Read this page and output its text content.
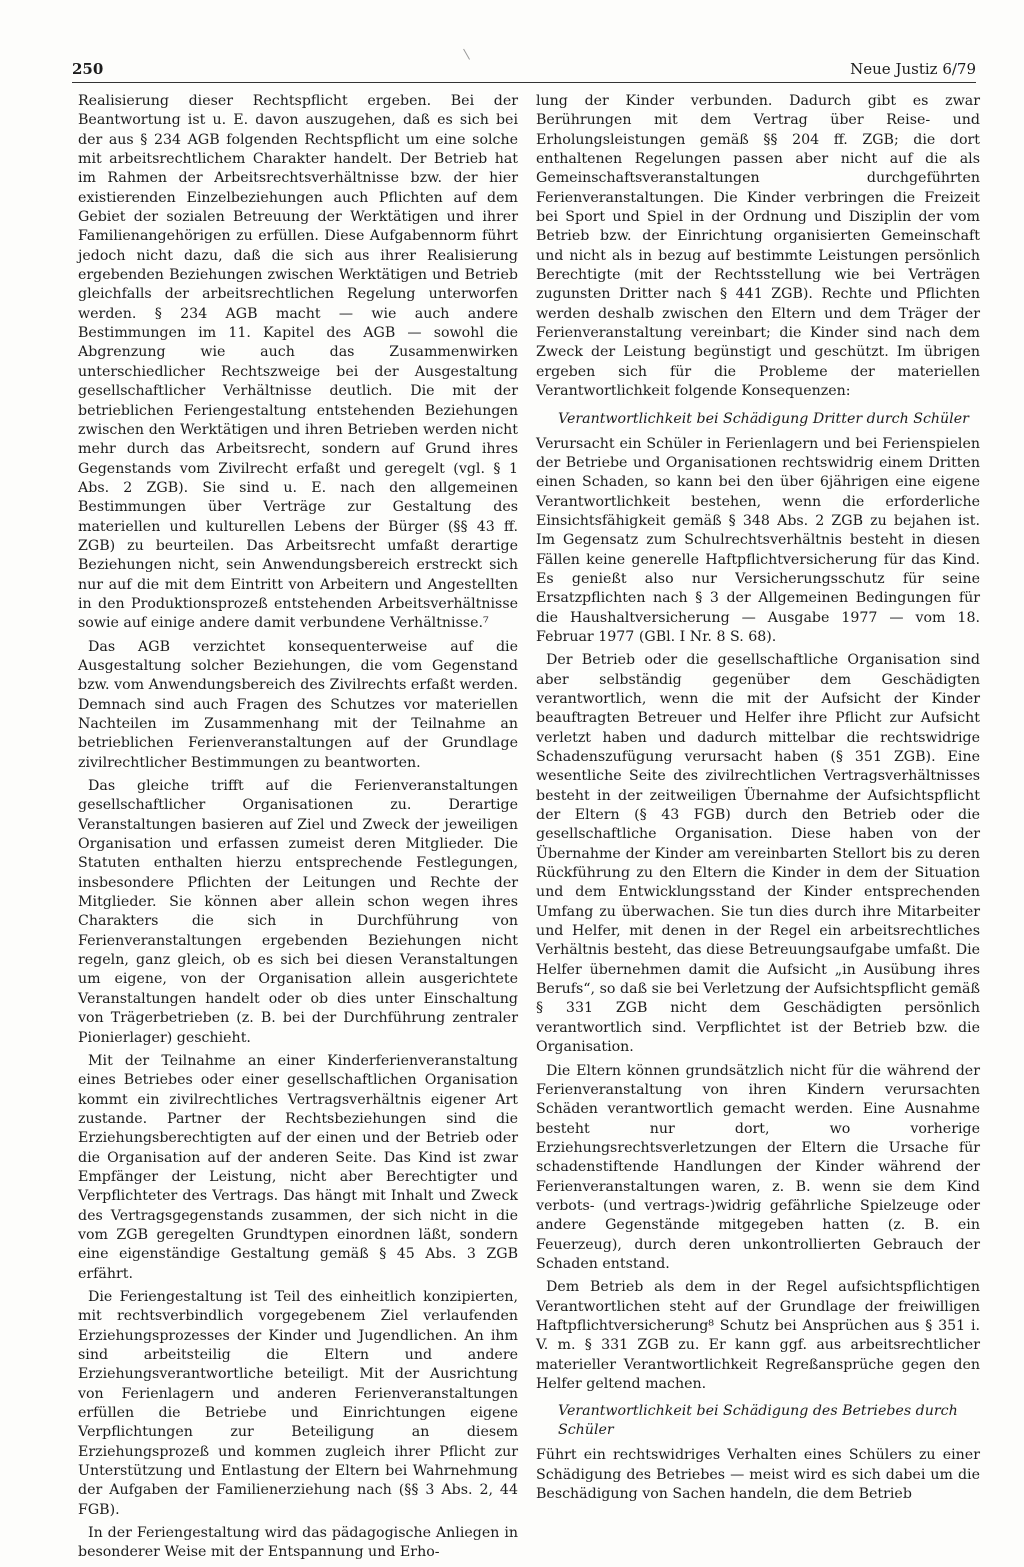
250	Neue Justiz 6/79

Realisierung dieser Rechtspflicht ergeben. Bei der Beantwortung ist u. E. davon auszugehen, daß es sich bei der aus § 234 AGB folgenden Rechtspflicht um eine solche mit arbeitsrechtlichem Charakter handelt. Der Betrieb hat im Rahmen der Arbeitsrechtsverhältnisse bzw. der hier existierenden Einzelbeziehungen auch Pflichten auf dem Gebiet der sozialen Betreuung der Werktätigen und ihrer Familienangehörigen zu erfüllen. Diese Aufgabennorm führt jedoch nicht dazu, daß die sich aus ihrer Realisierung ergebenden Beziehungen zwischen Werktätigen und Betrieb gleichfalls der arbeitsrechtlichen Regelung unterworfen werden. § 234 AGB macht — wie auch andere Bestimmungen im 11. Kapitel des AGB — sowohl die Abgrenzung wie auch das Zusammenwirken unterschiedlicher Rechtszweige bei der Ausgestaltung gesellschaftlicher Verhältnisse deutlich. Die mit der betrieblichen Feriengestaltung entstehenden Beziehungen zwischen den Werktätigen und ihren Betrieben werden nicht mehr durch das Arbeitsrecht, sondern auf Grund ihres Gegenstands vom Zivilrecht erfaßt und geregelt (vgl. § 1 Abs. 2 ZGB). Sie sind u. E. nach den allgemeinen Bestimmungen über Verträge zur Gestaltung des materiellen und kulturellen Lebens der Bürger (§§ 43 ff. ZGB) zu beurteilen. Das Arbeitsrecht umfaßt derartige Beziehungen nicht, sein Anwendungsbereich erstreckt sich nur auf die mit dem Eintritt von Arbeitern und Angestellten in den Produktionsprozeß entstehenden Arbeitsverhältnisse sowie auf einige andere damit verbundene Verhältnisse.⁷

Das AGB verzichtet konsequenterweise auf die Ausgestaltung solcher Beziehungen, die vom Gegenstand bzw. vom Anwendungsbereich des Zivilrechts erfaßt werden. Demnach sind auch Fragen des Schutzes vor materiellen Nachteilen im Zusammenhang mit der Teilnahme an betrieblichen Ferienveranstaltungen auf der Grundlage zivilrechtlicher Bestimmungen zu beantworten.

Das gleiche trifft auf die Ferienveranstaltungen gesellschaftlicher Organisationen zu. Derartige Veranstaltungen basieren auf Ziel und Zweck der jeweiligen Organisation und erfassen zumeist deren Mitglieder. Die Statuten enthalten hierzu entsprechende Festlegungen, insbesondere Pflichten der Leitungen und Rechte der Mitglieder. Sie können aber allein schon wegen ihres Charakters die sich in Durchführung von Ferienveranstaltungen ergebenden Beziehungen nicht regeln, ganz gleich, ob es sich bei diesen Veranstaltungen um eigene, von der Organisation allein ausgerichtete Veranstaltungen handelt oder ob dies unter Einschaltung von Trägerbetrieben (z. B. bei der Durchführung zentraler Pionierlager) geschieht.

Mit der Teilnahme an einer Kinderferienveranstaltung eines Betriebes oder einer gesellschaftlichen Organisation kommt ein zivilrechtliches Vertragsverhältnis eigener Art zustande. Partner der Rechtsbeziehungen sind die Erziehungsberechtigten auf der einen und der Betrieb oder die Organisation auf der anderen Seite. Das Kind ist zwar Empfänger der Leistung, nicht aber Berechtigter und Verpflichteter des Vertrags. Das hängt mit Inhalt und Zweck des Vertragsgegenstands zusammen, der sich nicht in die vom ZGB geregelten Grundtypen einordnen läßt, sondern eine eigenständige Gestaltung gemäß § 45 Abs. 3 ZGB erfährt.

Die Feriengestaltung ist Teil des einheitlich konzipierten, mit rechtsverbindlich vorgegebenem Ziel verlaufenden Erziehungsprozesses der Kinder und Jugendlichen. An ihm sind arbeitsteilig die Eltern und andere Erziehungsverantwortliche beteiligt. Mit der Ausrichtung von Ferienlagern und anderen Ferienveranstaltungen erfüllen die Betriebe und Einrichtungen eigene Verpflichtungen zur Beteiligung an diesem Erziehungsprozeß und kommen zugleich ihrer Pflicht zur Unterstützung und Entlastung der Eltern bei Wahrnehmung der Aufgaben der Familienerziehung nach (§§ 3 Abs. 2, 44 FGB).

In der Feriengestaltung wird das pädagogische Anliegen in besonderer Weise mit der Entspannung und Erho-

lung der Kinder verbunden. Dadurch gibt es zwar Berührungen mit dem Vertrag über Reise- und Erholungsleistungen gemäß §§ 204 ff. ZGB; die dort enthaltenen Regelungen passen aber nicht auf die als Gemeinschaftsveranstaltungen durchgeführten Ferienveranstaltungen. Die Kinder verbringen die Freizeit bei Sport und Spiel in der Ordnung und Disziplin der vom Betrieb bzw. der Einrichtung organisierten Gemeinschaft und nicht als in bezug auf bestimmte Leistungen persönlich Berechtigte (mit der Rechtsstellung wie bei Verträgen zugunsten Dritter nach § 441 ZGB). Rechte und Pflichten werden deshalb zwischen den Eltern und dem Träger der Ferienveranstaltung vereinbart; die Kinder sind nach dem Zweck der Leistung begünstigt und geschützt. Im übrigen ergeben sich für die Probleme der materiellen Verantwortlichkeit folgende Konsequenzen:

Verantwortlichkeit bei Schädigung Dritter durch Schüler

Verursacht ein Schüler in Ferienlagern und bei Ferienspielen der Betriebe und Organisationen rechtswidrig einem Dritten einen Schaden, so kann bei den über 6jährigen eine eigene Verantwortlichkeit bestehen, wenn die erforderliche Einsichtsfähigkeit gemäß § 348 Abs. 2 ZGB zu bejahen ist. Im Gegensatz zum Schulrechtsverhältnis besteht in diesen Fällen keine generelle Haftpflichtversicherung für das Kind. Es genießt also nur Versicherungsschutz für seine Ersatzpflichten nach § 3 der Allgemeinen Bedingungen für die Haushaltversicherung — Ausgabe 1977 — vom 18. Februar 1977 (GBl. I Nr. 8 S. 68).

Der Betrieb oder die gesellschaftliche Organisation sind aber selbständig gegenüber dem Geschädigten verantwortlich, wenn die mit der Aufsicht der Kinder beauftragten Betreuer und Helfer ihre Pflicht zur Aufsicht verletzt haben und dadurch mittelbar die rechtswidrige Schadenszufügung verursacht haben (§ 351 ZGB). Eine wesentliche Seite des zivilrechtlichen Vertragsverhältnisses besteht in der zeitweiligen Übernahme der Aufsichtspflicht der Eltern (§ 43 FGB) durch den Betrieb oder die gesellschaftliche Organisation. Diese haben von der Übernahme der Kinder am vereinbarten Stellort bis zu deren Rückführung zu den Eltern die Kinder in dem der Situation und dem Entwicklungsstand der Kinder entsprechenden Umfang zu überwachen. Sie tun dies durch ihre Mitarbeiter und Helfer, mit denen in der Regel ein arbeitsrechtliches Verhältnis besteht, das diese Betreuungsaufgabe umfaßt. Die Helfer übernehmen damit die Aufsicht „in Ausübung ihres Berufs“, so daß sie bei Verletzung der Aufsichtspflicht gemäß § 331 ZGB nicht dem Geschädigten persönlich verantwortlich sind. Verpflichtet ist der Betrieb bzw. die Organisation.

Die Eltern können grundsätzlich nicht für die während der Ferienveranstaltung von ihren Kindern verursachten Schäden verantwortlich gemacht werden. Eine Ausnahme besteht nur dort, wo vorherige Erziehungsrechtsverletzungen der Eltern die Ursache für schadenstiftende Handlungen der Kinder während der Ferienveranstaltungen waren, z. B. wenn sie dem Kind verbots- (und vertrags-)widrig gefährliche Spielzeuge oder andere Gegenstände mitgegeben hatten (z. B. ein Feuerzeug), durch deren unkontrollierten Gebrauch der Schaden entstand.

Dem Betrieb als dem in der Regel aufsichtspflichtigen Verantwortlichen steht auf der Grundlage der freiwilligen Haftpflichtversicherung⁸ Schutz bei Ansprüchen aus § 351 i. V. m. § 331 ZGB zu. Er kann ggf. aus arbeitsrechtlicher materieller Verantwortlichkeit Regreßansprüche gegen den Helfer geltend machen.

Verantwortlichkeit bei Schädigung des Betriebes durch Schüler

Führt ein rechtswidriges Verhalten eines Schülers zu einer Schädigung des Betriebes — meist wird es sich dabei um die Beschädigung von Sachen handeln, die dem Betrieb
